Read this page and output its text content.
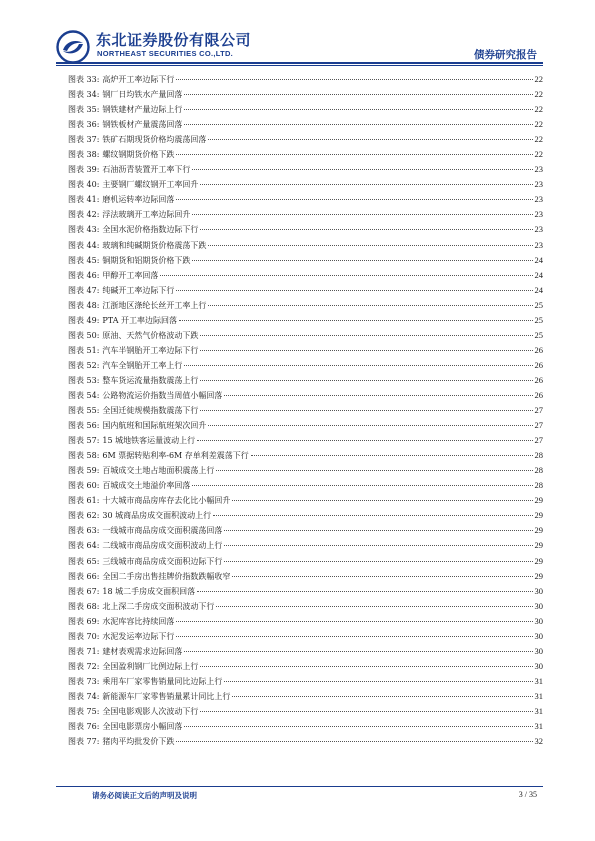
东北证券股份有限公司
NORTHEAST SECURITIES CO.,LTD.	债券研究报告
图表 33: 高炉开工率边际下行	22
图表 34: 钢厂日均铁水产量回落	22
图表 35: 钢铁建材产量边际上行	22
图表 36: 钢铁板材产量震荡回落	22
图表 37: 铁矿石期现货价格均震荡回落	22
图表 38: 螺纹钢期货价格下跌	22
图表 39: 石油沥青装置开工率下行	23
图表 40: 主要钢厂螺纹钢开工率回升	23
图表 41: 磨机运转率边际回落	23
图表 42: 浮法玻璃开工率边际回升	23
图表 43: 全国水泥价格指数边际下行	23
图表 44: 玻璃和纯碱期货价格震荡下跌	23
图表 45: 铜期货和铝期货价格下跌	24
图表 46: 甲醇开工率回落	24
图表 47: 纯碱开工率边际下行	24
图表 48: 江浙地区涤纶长丝开工率上行	25
图表 49: PTA 开工率边际回落	25
图表 50: 原油、天然气价格波动下跌	25
图表 51: 汽车半钢胎开工率边际下行	26
图表 52: 汽车全钢胎开工率上行	26
图表 53: 整车货运流量指数震荡上行	26
图表 54: 公路物流运价指数当周值小幅回落	26
图表 55: 全国迁徙规模指数震荡下行	27
图表 56: 国内航班和国际航班架次回升	27
图表 57: 15 城地铁客运量波动上行	27
图表 58: 6M 票据转贴利率-6M 存单利差震荡下行	28
图表 59: 百城成交土地占地面积震荡上行	28
图表 60: 百城成交土地溢价率回落	28
图表 61: 十大城市商品房库存去化比小幅回升	29
图表 62: 30 城商品房成交面积波动上行	29
图表 63: 一线城市商品房成交面积震荡回落	29
图表 64: 二线城市商品房成交面积波动上行	29
图表 65: 三线城市商品房成交面积边际下行	29
图表 66: 全国二手房出售挂牌价指数跌幅收窄	29
图表 67: 18 城二手房成交面积回落	30
图表 68: 北上深二手房成交面积波动下行	30
图表 69: 水泥库容比持续回落	30
图表 70: 水泥发运率边际下行	30
图表 71: 建材表观需求边际回落	30
图表 72: 全国盈利钢厂比例边际上行	30
图表 73: 乘用车厂家零售销量同比边际上行	31
图表 74: 新能源车厂家零售销量累计同比上行	31
图表 75: 全国电影观影人次波动下行	31
图表 76: 全国电影票房小幅回落	31
图表 77: 猪肉平均批发价下跌	32
请务必阅读正文后的声明及说明	3 / 35
